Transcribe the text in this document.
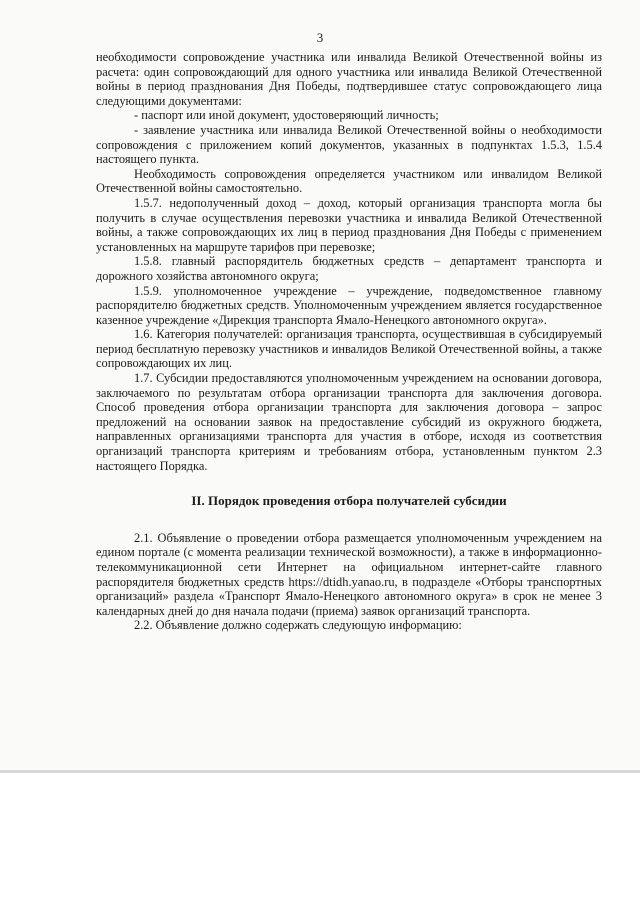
3

необходимости сопровождение участника или инвалида Великой Отечественной войны из расчета: один сопровождающий для одного участника или инвалида Великой Отечественной войны в период празднования Дня Победы, подтвердившее статус сопровождающего лица следующими документами:

- паспорт или иной документ, удостоверяющий личность;

- заявление участника или инвалида Великой Отечественной войны о необходимости сопровождения с приложением копий документов, указанных в подпунктах 1.5.3, 1.5.4 настоящего пункта.

Необходимость сопровождения определяется участником или инвалидом Великой Отечественной войны самостоятельно.

1.5.7. недополученный доход – доход, который организация транспорта могла бы получить в случае осуществления перевозки участника и инвалида Великой Отечественной войны, а также сопровождающих их лиц в период празднования Дня Победы с применением установленных на маршруте тарифов при перевозке;

1.5.8. главный распорядитель бюджетных средств – департамент транспорта и дорожного хозяйства автономного округа;

1.5.9. уполномоченное учреждение – учреждение, подведомственное главному распорядителю бюджетных средств. Уполномоченным учреждением является государственное казенное учреждение «Дирекция транспорта Ямало-Ненецкого автономного округа».

1.6. Категория получателей: организация транспорта, осуществившая в субсидируемый период бесплатную перевозку участников и инвалидов Великой Отечественной войны, а также сопровождающих их лиц.

1.7. Субсидии предоставляются уполномоченным учреждением на основании договора, заключаемого по результатам отбора организации транспорта для заключения договора. Способ проведения отбора организации транспорта для заключения договора – запрос предложений на основании заявок на предоставление субсидий из окружного бюджета, направленных организациями транспорта для участия в отборе, исходя из соответствия организаций транспорта критериям и требованиям отбора, установленным пунктом 2.3 настоящего Порядка.

II. Порядок проведения отбора получателей субсидии

2.1. Объявление о проведении отбора размещается уполномоченным учреждением на едином портале (с момента реализации технической возможности), а также в информационно-телекоммуникационной сети Интернет на официальном интернет-сайте главного распорядителя бюджетных средств https://dtidh.yanao.ru, в подразделе «Отборы транспортных организаций» раздела «Транспорт Ямало-Ненецкого автономного округа» в срок не менее 3 календарных дней до дня начала подачи (приема) заявок организаций транспорта.

2.2. Объявление должно содержать следующую информацию:
